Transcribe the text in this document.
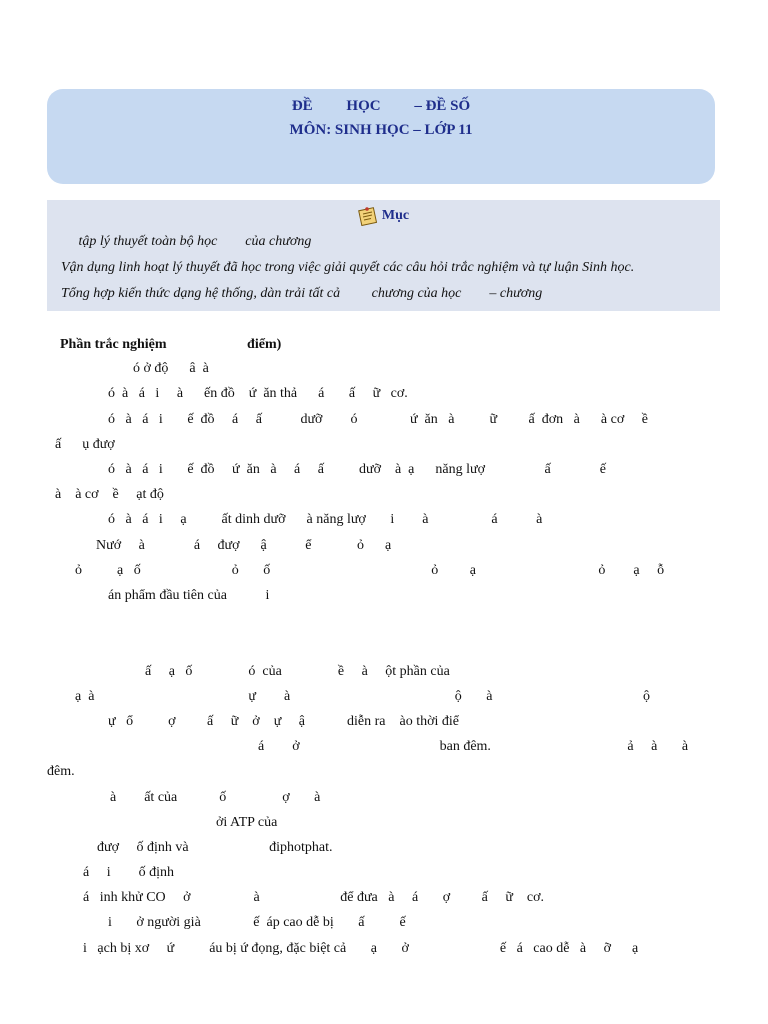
ĐỀ         HỌC         – ĐỀ SỐ
MÔN: SINH HỌC – LỚP 11
Mục
tập lý thuyết toàn bộ học        của chương
Vận dụng linh hoạt lý thuyết đã học trong việc giải quyết các câu hỏi trắc nghiệm và tự luận Sinh học.
Tổng hợp kiến thức dạng hệ thống, dàn trải tất cả         chương của học        – chương
Phần trắc nghiệm                       điểm)
ó ở độ      â  à
ó  à   á   i     à      ến đồ    ứ  ăn thả      á       ấ     ữ   cơ.
ó   à   á   i       ế  đồ     á     ấ           dưỡ        ó               ứ  ăn   à          ữ         ấ  đơn   à      à cơ     ề
ấ      ụ đượ
ó   à   á   i       ế  đồ     ứ  ăn   à     á     ấ          dưỡ    à  ạ      năng lượ                 ấ              ế
à    à cơ    ề     ạt độ
ó   à   á   i     ạ          ất dinh dưỡ      à năng lượ       i        à                  á           à
Nướ     à              á     đượ      ậ           ể             ỏ      ạ
ỏ          ạ   ố                          ỏ       ố                                              ỏ         ạ                                   ỏ        ạ     ỗ
án phẩm đầu tiên của           i
ấ     ạ   ố                ó  của                ề     à     ột phần của
ạ  à                                            ự        à                                               ộ       à                                           ộ
ự   ổ          ợ         ấ     ữ    ở    ự     ậ            diễn ra    ào thời điể
á        ở                                        ban đêm.                                       ả     à       à
đêm.
à        ất của            ố                ợ       à
ởi ATP của
đượ     ố định và                       điphotphat.
á     i        ố định
á   inh khử CO     ở                  à                       để đưa   à     á       ợ         ấ     ữ    cơ.
i       ở người già               ế  áp cao dễ bị       ấ          ế
i   ạch bị xơ     ứ          áu bị ứ đọng, đặc biệt cả       ạ       ở                          ế   á   cao dễ   à     ỡ      ạ
